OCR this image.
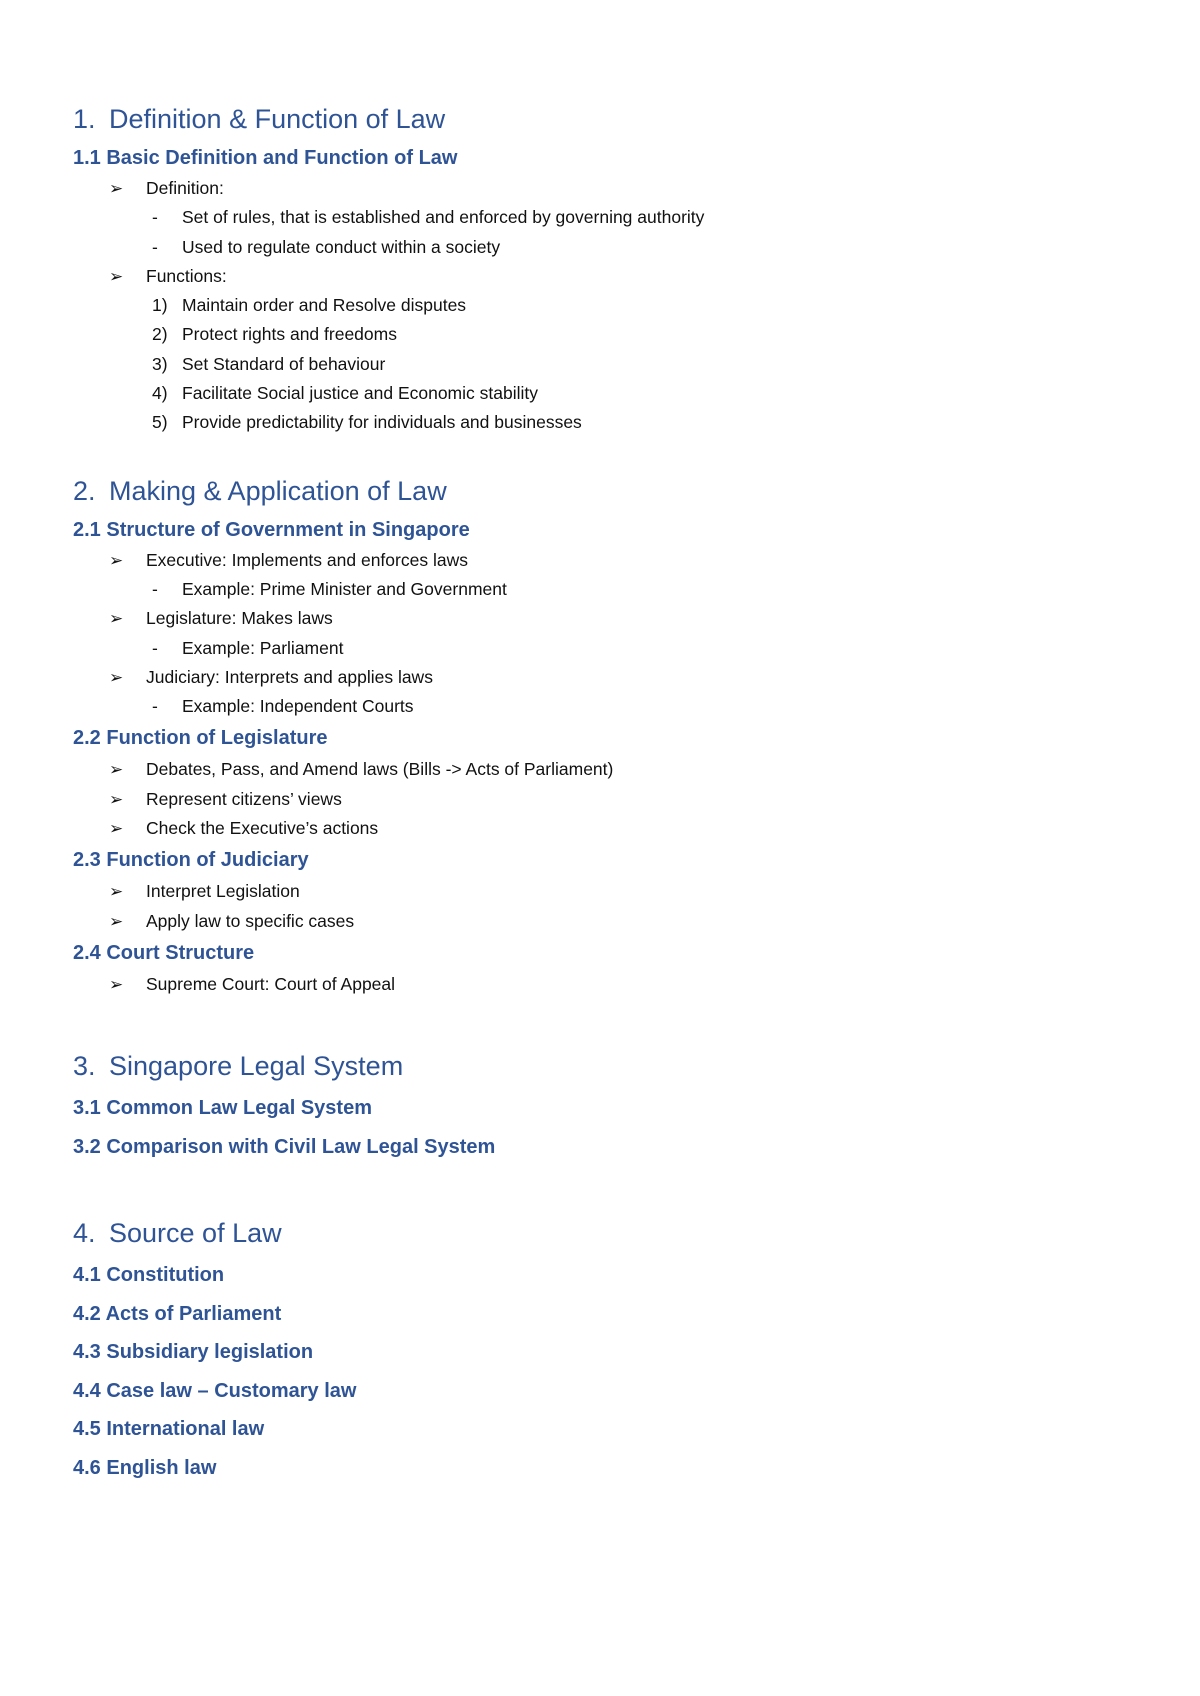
1. Definition & Function of Law
1.1 Basic Definition and Function of Law
➢	Definition:
-	Set of rules, that is established and enforced by governing authority
-	Used to regulate conduct within a society
➢	Functions:
1) Maintain order and Resolve disputes
2) Protect rights and freedoms
3) Set Standard of behaviour
4) Facilitate Social justice and Economic stability
5) Provide predictability for individuals and businesses
2. Making & Application of Law
2.1 Structure of Government in Singapore
➢	Executive: Implements and enforces laws
-	Example: Prime Minister and Government
➢	Legislature: Makes laws
-	Example: Parliament
➢	Judiciary: Interprets and applies laws
-	Example: Independent Courts
2.2 Function of Legislature
➢	Debates, Pass, and Amend laws (Bills -> Acts of Parliament)
➢	Represent citizens’ views
➢	Check the Executive’s actions
2.3 Function of Judiciary
➢	Interpret Legislation
➢	Apply law to specific cases
2.4 Court Structure
➢	Supreme Court: Court of Appeal
3. Singapore Legal System
3.1 Common Law Legal System
3.2 Comparison with Civil Law Legal System
4. Source of Law
4.1 Constitution
4.2 Acts of Parliament
4.3 Subsidiary legislation
4.4 Case law – Customary law
4.5 International law
4.6 English law
